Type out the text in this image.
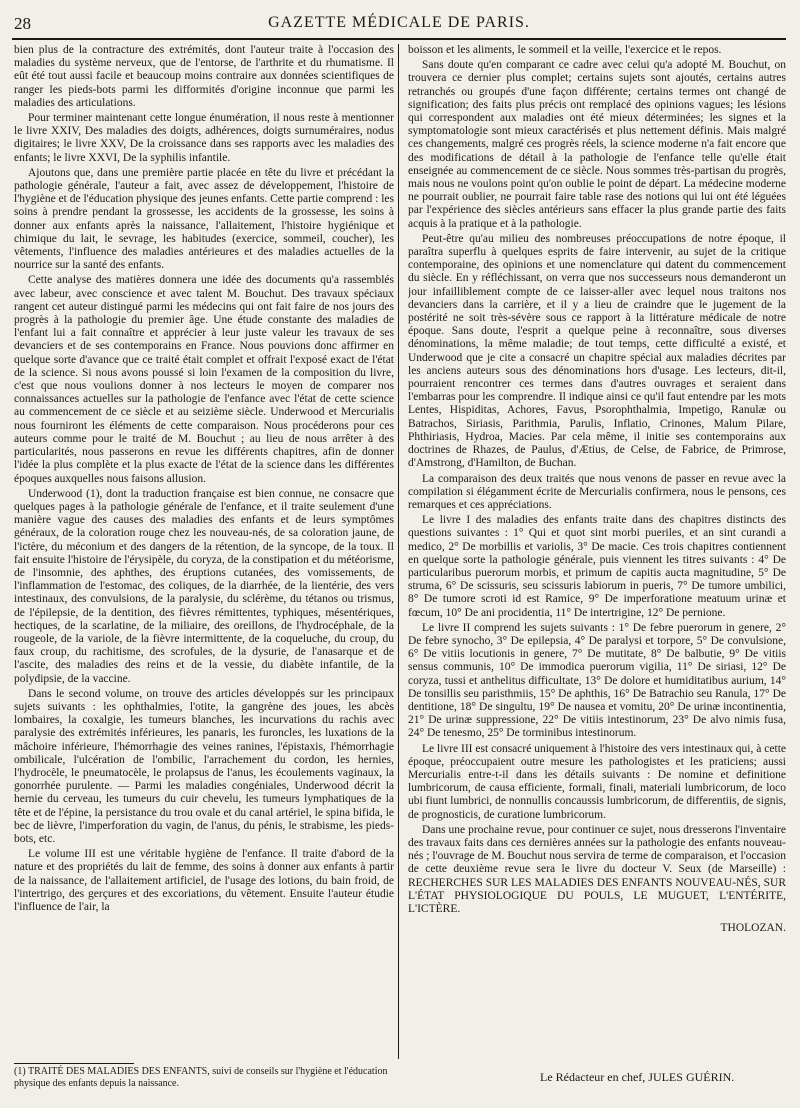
28	GAZETTE MÉDICALE DE PARIS.

bien plus de la contracture des extrémités, dont l'auteur traite à l'occasion des maladies du système nerveux, que de l'entorse, de l'arthrite et du rhumatisme. Il eût été tout aussi facile et beaucoup moins contraire aux données scientifiques de ranger les pieds-bots parmi les difformités d'origine inconnue que parmi les maladies des articulations.

Pour terminer maintenant cette longue énumération, il nous reste à mentionner le livre XXIV, Des maladies des doigts, adhérences, doigts surnuméraires, nodus digitaires; le livre XXV, De la croissance dans ses rapports avec les maladies des enfants; le livre XXVI, De la syphilis infantile.

Ajoutons que, dans une première partie placée en tête du livre et précédant la pathologie générale, l'auteur a fait, avec assez de développement, l'histoire de l'hygiène et de l'éducation physique des jeunes enfants. Cette partie comprend : les soins à prendre pendant la grossesse, les accidents de la grossesse, les soins à donner aux enfants après la naissance, l'allaitement, l'histoire hygiénique et chimique du lait, le sevrage, les habitudes (exercice, sommeil, coucher), les vêtements, l'influence des maladies antérieures et des maladies actuelles de la nourrice sur la santé des enfants.

Cette analyse des matières donnera une idée des documents qu'a rassemblés avec labeur, avec conscience et avec talent M. Bouchut. Des travaux spéciaux rangent cet auteur distingué parmi les médecins qui ont fait faire de nos jours des progrès à la pathologie du premier âge. Une étude constante des maladies de l'enfant lui a fait connaître et apprécier à leur juste valeur les travaux de ses devanciers et de ses contemporains en France. Nous pouvions donc affirmer en quelque sorte d'avance que ce traité était complet et offrait l'exposé exact de l'état de la science. Si nous avons poussé si loin l'examen de la composition du livre, c'est que nous voulions donner à nos lecteurs le moyen de comparer nos connaissances actuelles sur la pathologie de l'enfance avec l'état de cette science au commencement de ce siècle et au seizième siècle. Underwood et Mercurialis nous fourniront les éléments de cette comparaison. Nous procéderons pour ces auteurs comme pour le traité de M. Bouchut ; au lieu de nous arrêter à des particularités, nous passerons en revue les différents chapitres, afin de donner l'idée la plus complète et la plus exacte de l'état de la science dans les différentes époques auxquelles nous faisons allusion.

Underwood (1), dont la traduction française est bien connue, ne consacre que quelques pages à la pathologie générale de l'enfance, et il traite seulement d'une manière vague des causes des maladies des enfants et de leurs symptômes généraux, de la coloration rouge chez les nouveau-nés, de sa coloration jaune, de l'ictère, du méconium et des dangers de la rétention, de la syncope, de la toux. Il fait ensuite l'histoire de l'érysipèle, du coryza, de la constipation et du météorisme, de l'insomnie, des aphthes, des éruptions cutanées, des vomissements, de l'inflammation de l'estomac, des coliques, de la diarrhée, de la lientérie, des vers intestinaux, des convulsions, de la paralysie, du sclérème, du tétanos ou trismus, de l'épilepsie, de la dentition, des fièvres rémittentes, typhiques, mésentériques, hectiques, de la scarlatine, de la miliaire, des oreillons, de l'hydrocéphale, de la rougeole, de la variole, de la fièvre intermittente, de la coqueluche, du croup, du faux croup, du rachitisme, des scrofules, de la dysurie, de l'anasarque et de l'ascite, des maladies des reins et de la vessie, du diabète infantile, de la polydipsie, de la vaccine.

Dans le second volume, on trouve des articles développés sur les principaux sujets suivants : les ophthalmies, l'otite, la gangrène des joues, les abcès lombaires, la coxalgie, les tumeurs blanches, les incurvations du rachis avec paralysie des extrémités inférieures, les panaris, les furoncles, les luxations de la mâchoire inférieure, l'hémorrhagie des veines ranines, l'épistaxis, l'hémorrhagie ombilicale, l'ulcération de l'ombilic, l'arrachement du cordon, les hernies, l'hydrocèle, le pneumatocèle, le prolapsus de l'anus, les écoulements vaginaux, la gonorrhée purulente. — Parmi les maladies congéniales, Underwood décrit la hernie du cerveau, les tumeurs du cuir chevelu, les tumeurs lymphatiques de la tête et de l'épine, la persistance du trou ovale et du canal artériel, le spina bifida, le bec de lièvre, l'imperforation du vagin, de l'anus, du pénis, le strabisme, les pieds-bots, etc.

Le volume III est une véritable hygiène de l'enfance. Il traite d'abord de la nature et des propriétés du lait de femme, des soins à donner aux enfants à partir de la naissance, de l'allaitement artificiel, de l'usage des lotions, du bain froid, de l'intertrigo, des gerçures et des excoriations, du vêtement. Ensuite l'auteur étudie l'influence de l'air, la

boisson et les aliments, le sommeil et la veille, l'exercice et le repos.

Sans doute qu'en comparant ce cadre avec celui qu'a adopté M. Bouchut, on trouvera ce dernier plus complet; certains sujets sont ajoutés, certains autres retranchés ou groupés d'une façon différente; certains termes ont changé de signification; des faits plus précis ont remplacé des opinions vagues; les lésions qui correspondent aux maladies ont été mieux déterminées; les signes et la symptomatologie sont mieux caractérisés et plus nettement définis. Mais malgré ces changements, malgré ces progrès réels, la science moderne n'a fait encore que des modifications de détail à la pathologie de l'enfance telle qu'elle était enseignée au commencement de ce siècle. Nous sommes très-partisan du progrès, mais nous ne voulons point qu'on oublie le point de départ. La médecine moderne ne pourrait oublier, ne pourrait faire table rase des notions qui lui ont été léguées par l'expérience des siècles antérieurs sans effacer la plus grande partie des faits acquis à la pratique et à la pathologie.

Peut-être qu'au milieu des nombreuses préoccupations de notre époque, il paraîtra superflu à quelques esprits de faire intervenir, au sujet de la critique contemporaine, des opinions et une nomenclature qui datent du commencement du siècle. En y réfléchissant, on verra que nos successeurs nous demanderont un jour infailliblement compte de ce laisser-aller avec lequel nous traitons nos devanciers dans la carrière, et il y a lieu de craindre que le jugement de la postérité ne soit très-sévère sous ce rapport à la littérature médicale de notre époque. Sans doute, l'esprit a quelque peine à reconnaître, sous diverses dénominations, la même maladie; de tout temps, cette difficulté a existé, et Underwood que je cite a consacré un chapitre spécial aux maladies décrites par les anciens auteurs sous des dénominations hors d'usage. Les lecteurs, dit-il, pourraient rencontrer ces termes dans d'autres ouvrages et seraient dans l'embarras pour les comprendre. Il indique ainsi ce qu'il faut entendre par les mots Lentes, Hispiditas, Achores, Favus, Psorophthalmia, Impetigo, Ranulæ ou Batrachos, Siriasis, Parithmia, Parulis, Inflatio, Crinones, Malum Pilare, Phthiriasis, Hydroa, Macies. Par cela même, il initie ses contemporains aux doctrines de Rhazes, de Paulus, d'Ætius, de Celse, de Fabrice, de Primrose, d'Amstrong, d'Hamilton, de Buchan.

La comparaison des deux traités que nous venons de passer en revue avec la compilation si élégamment écrite de Mercurialis confirmera, nous le pensons, ces remarques et ces appréciations.

Le livre I des maladies des enfants traite dans des chapitres distincts des questions suivantes : 1° Qui et quot sint morbi pueriles, et an sint curandi a medico, 2° De morbillis et variolis, 3° De macie. Ces trois chapitres contiennent en quelque sorte la pathologie générale, puis viennent les titres suivants : 4° De particularibus puerorum morbis, et primum de capitis aucta magnitudine, 5° De struma, 6° De scissuris, seu scissuris labiorum in pueris, 7° De tumore umbilici, 8° De tumore scroti id est Ramice, 9° De imperforatione meatuum urinæ et fœcum, 10° De ani procidentia, 11° De intertrigine, 12° De pernione.

Le livre II comprend les sujets suivants : 1° De febre puerorum in genere, 2° De febre synocho, 3° De epilepsia, 4° De paralysi et torpore, 5° De convulsione, 6° De vitiis locutionis in genere, 7° De mutitate, 8° De balbutie, 9° De vitiis sensus communis, 10° De immodica puerorum vigilia, 11° De siriasi, 12° De coryza, tussi et anthelitus difficultate, 13° De dolore et humiditatibus aurium, 14° De tonsillis seu paristhmiis, 15° De aphthis, 16° De Batrachio seu Ranula, 17° De dentitione, 18° De singultu, 19° De nausea et vomitu, 20° De urinæ incontinentia, 21° De urinæ suppressione, 22° De vitiis intestinorum, 23° De alvo nimis fusa, 24° De tenesmo, 25° De torminibus intestinorum.

Le livre III est consacré uniquement à l'histoire des vers intestinaux qui, à cette époque, préoccupaient outre mesure les pathologistes et les praticiens; aussi Mercurialis entre-t-il dans les détails suivants : De nomine et definitione lumbricorum, de causa efficiente, formali, finali, materiali lumbricorum, de loco ubi fiunt lumbrici, de nonnullis concaussis lumbricorum, de differentiis, de signis, de prognosticis, de curatione lumbricorum.

Dans une prochaine revue, pour continuer ce sujet, nous dresserons l'inventaire des travaux faits dans ces dernières années sur la pathologie des enfants nouveau-nés ; l'ouvrage de M. Bouchut nous servira de terme de comparaison, et l'occasion de cette deuxième revue sera le livre du docteur V. Seux (de Marseille) : RECHERCHES SUR LES MALADIES DES ENFANTS NOUVEAU-NÉS, SUR L'ÉTAT PHYSIOLOGIQUE DU POULS, LE MUGUET, L'ENTÉRITE, L'ICTÈRE.

THOLOZAN.

(1) TRAITÉ DES MALADIES DES ENFANTS, suivi de conseils sur l'hygiène et l'éducation physique des enfants depuis la naissance.	Le Rédacteur en chef, JULES GUÉRIN.
